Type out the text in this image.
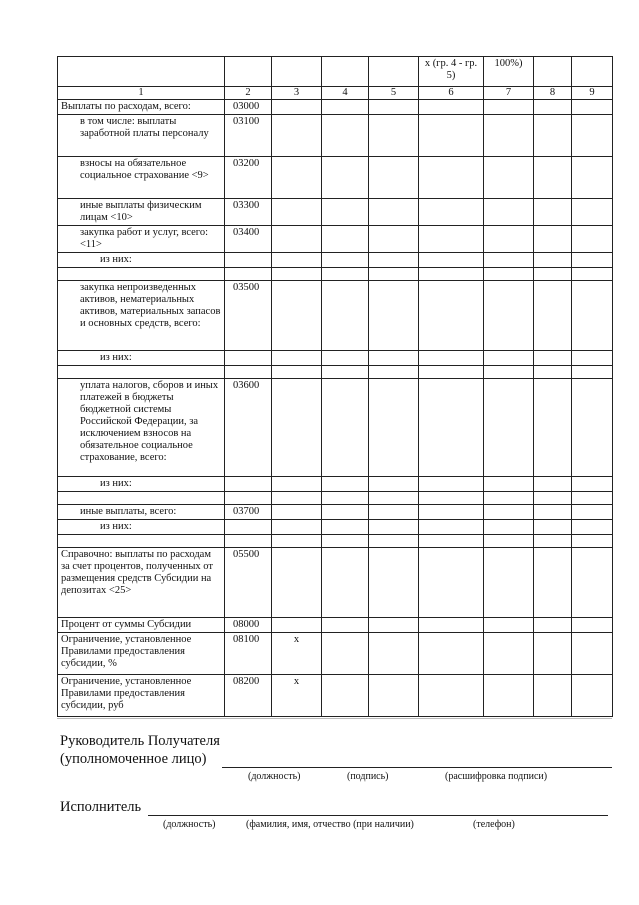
					х (гр. 4 - гр. 5)	100%)		
1	2	3	4	5	6	7	8	9
Выплаты по расходам, всего:	03000							
в том числе: выплаты заработной платы персоналу	03100							
взносы на обязательное социальное страхование <9>	03200							
иные выплаты физическим лицам <10>	03300							
закупка работ и услуг, всего: <11>	03400							
из них:								

закупка непроизведенных активов, нематериальных активов, материальных запасов и основных средств, всего:	03500							
из них:								

уплата налогов, сборов и иных платежей в бюджеты бюджетной системы Российской Федерации, за исключением взносов на обязательное социальное страхование, всего:	03600							
из них:								

иные выплаты, всего:	03700							
из них:								

Справочно: выплаты по расходам за счет процентов, полученных от размещения средств Субсидии на депозитах <25>	05500							
Процент от суммы Субсидии	08000							
Ограничение, установленное Правилами предоставления субсидии, %	08100	х						
Ограничение, установленное Правилами предоставления субсидии, руб	08200	х						
Руководитель Получателя
(уполномоченное лицо)
(должность)	(подпись)	(расшифровка подписи)
Исполнитель
(должность)	(фамилия, имя, отчество (при наличии)	(телефон)
